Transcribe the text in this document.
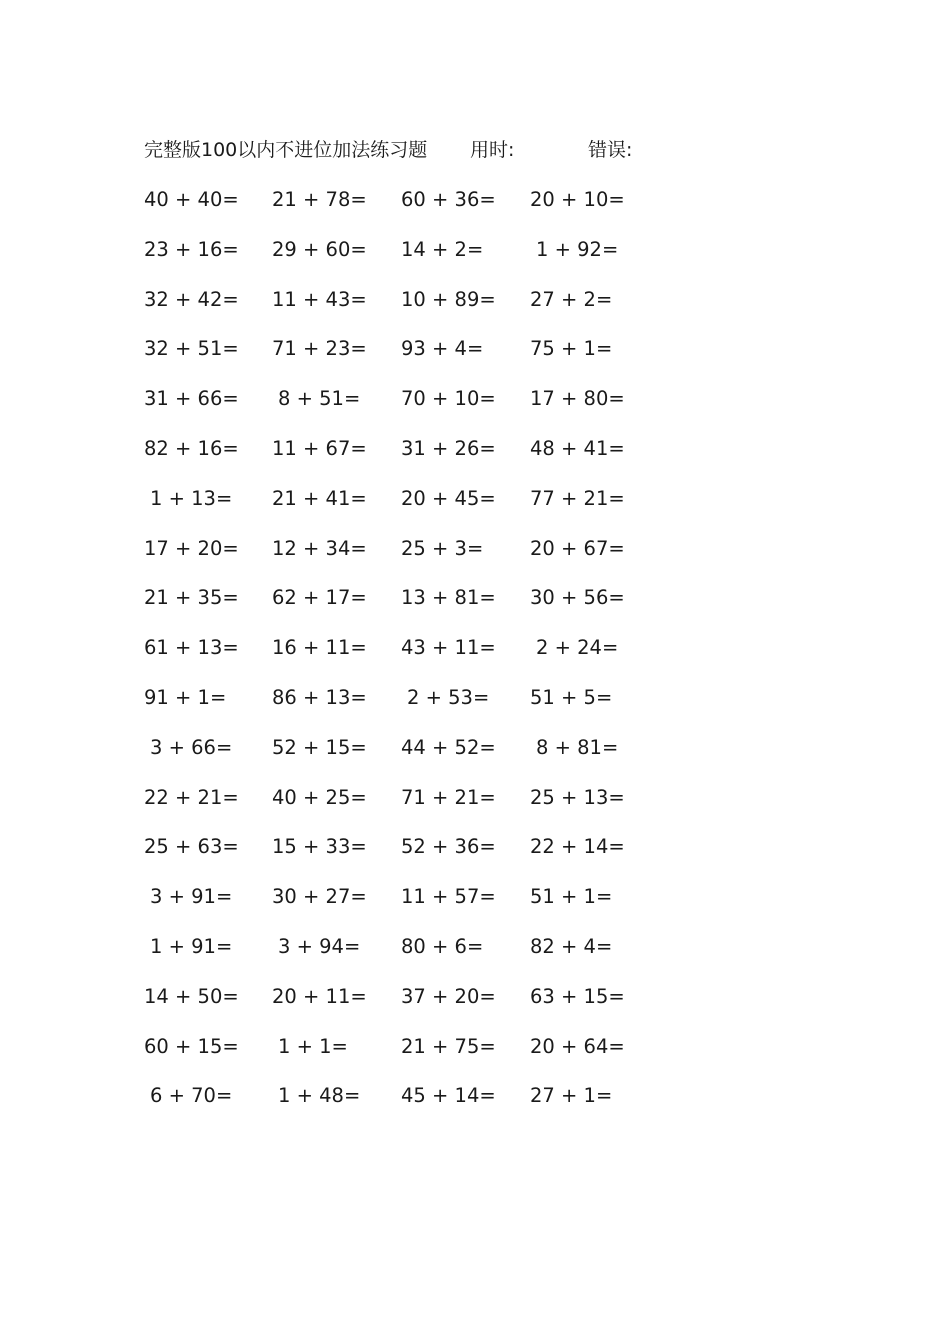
完整版100以内不进位加法练习题 用时:	错误:
40 + 40=	21 + 78=	60 + 36=	20 + 10=
23 + 16=	29 + 60=	14 + 2=	1 + 92=
32 + 42=	11 + 43=	10 + 89=	27 + 2=
32 + 51=	71 + 23=	93 + 4=	75 + 1=
31 + 66=	8 + 51=	70 + 10=	17 + 80=
82 + 16=	11 + 67=	31 + 26=	48 + 41=
1 + 13=	21 + 41=	20 + 45=	77 + 21=
17 + 20=	12 + 34=	25 + 3=	20 + 67=
21 + 35=	62 + 17=	13 + 81=	30 + 56=
61 + 13=	16 + 11=	43 + 11=	2 + 24=
91 + 1=	86 + 13=	2 + 53=	51 + 5=
3 + 66=	52 + 15=	44 + 52=	8 + 81=
22 + 21=	40 + 25=	71 + 21=	25 + 13=
25 + 63=	15 + 33=	52 + 36=	22 + 14=
3 + 91=	30 + 27=	11 + 57=	51 + 1=
1 + 91=	3 + 94=	80 + 6=	82 + 4=
14 + 50=	20 + 11=	37 + 20=	63 + 15=
60 + 15=	1 + 1=	21 + 75=	20 + 64=
6 + 70=	1 + 48=	45 + 14=	27 + 1=
